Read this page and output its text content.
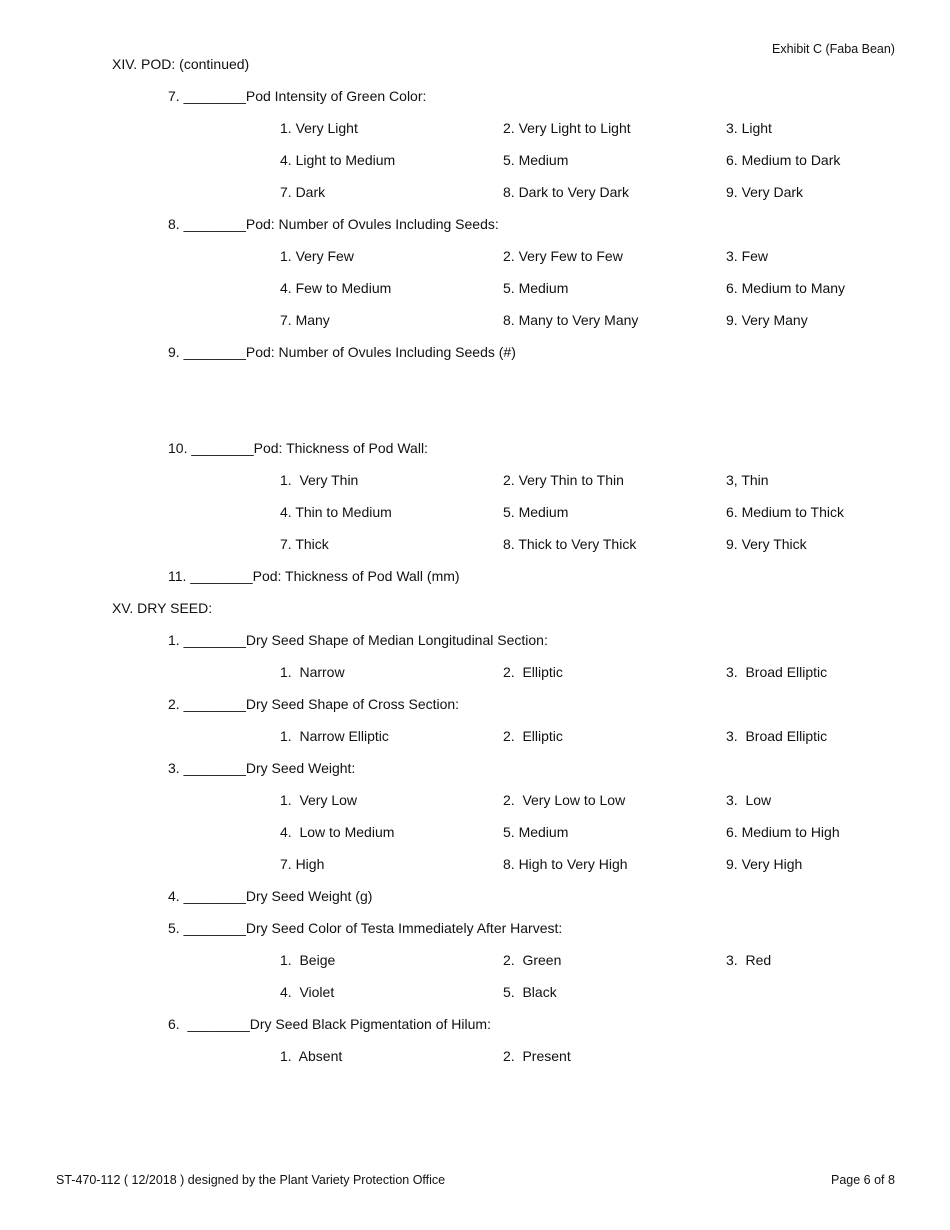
Exhibit C (Faba Bean)
ST-470-112 ( 12/2018 ) designed by the Plant Variety Protection Office	Page 6 of 8
XIV. POD: (continued)
7. ________Pod Intensity of Green Color:
1. Very Light	2. Very Light to Light	3. Light
4. Light to Medium	5. Medium	6. Medium to Dark
7. Dark	8. Dark to Very Dark	9. Very Dark
8. ________Pod: Number of Ovules Including Seeds:
1. Very Few	2. Very Few to Few	3. Few
4. Few to Medium	5. Medium	6. Medium to Many
7. Many	8. Many to Very Many	9. Very Many
9. ________Pod: Number of Ovules Including Seeds (#)
10. ________Pod: Thickness of Pod Wall:
1.  Very Thin	2. Very Thin to Thin	3, Thin
4. Thin to Medium	5. Medium	6. Medium to Thick
7. Thick	8. Thick to Very Thick	9. Very Thick
11. ________Pod: Thickness of Pod Wall (mm)
XV. DRY SEED:
1. ________Dry Seed Shape of Median Longitudinal Section:
1.  Narrow	2.  Elliptic	3.  Broad Elliptic
2. ________Dry Seed Shape of Cross Section:
1.  Narrow Elliptic	2.  Elliptic	3.  Broad Elliptic
3. ________Dry Seed Weight:
1.  Very Low	2.  Very Low to Low	3.  Low
4.  Low to Medium	5. Medium	6. Medium to High
7. High	8. High to Very High	9. Very High
4. ________Dry Seed Weight (g)
5. ________Dry Seed Color of Testa Immediately After Harvest:
1.  Beige	2.  Green	3.  Red
4.  Violet	5.  Black
6.  ________Dry Seed Black Pigmentation of Hilum:
1.  Absent	2.  Present
